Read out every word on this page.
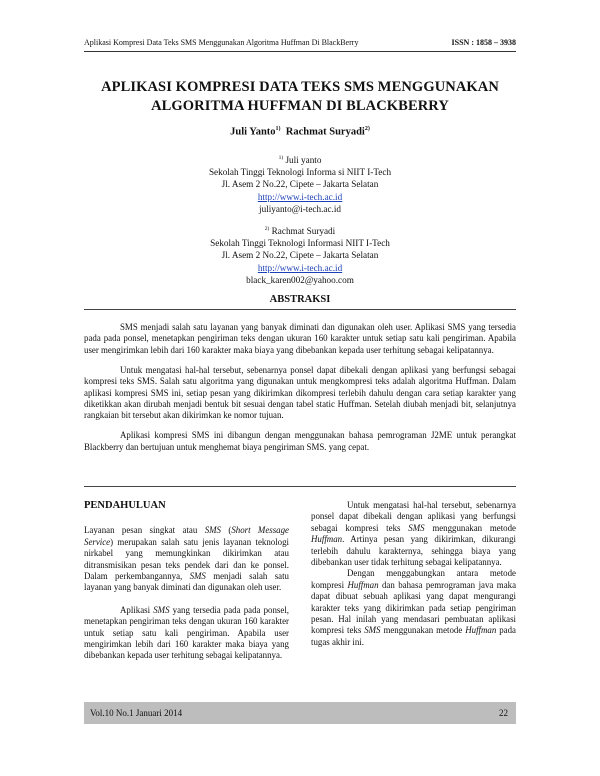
Aplikasi Kompresi Data Teks SMS Menggunakan Algoritma Huffman Di BlackBerry	ISSN : 1858 – 3938
APLIKASI KOMPRESI DATA TEKS SMS MENGGUNAKAN
ALGORITMA HUFFMAN DI BLACKBERRY
Juli Yanto$^{1)}$ Rachmat Suryadi$^{2)}$
$^{1)}$ Juli yanto
Sekolah Tinggi Teknologi Informa si NIIT I-Tech
Jl. Asem 2 No.22, Cipete – Jakarta Selatan
http://www.i-tech.ac.id
juliyanto@i-tech.ac.id
$^{2)}$ Rachmat Suryadi
Sekolah Tinggi Teknologi Informasi NIIT I-Tech
Jl. Asem 2 No.22, Cipete – Jakarta Selatan
http://www.i-tech.ac.id
black_karen002@yahoo.com
ABSTRAKSI

SMS menjadi salah satu layanan yang banyak diminati dan digunakan oleh user. Aplikasi SMS yang tersedia pada pada ponsel, menetapkan pengiriman teks dengan ukuran 160 karakter untuk setiap satu kali pengiriman. Apabila user mengirimkan lebih dari 160 karakter maka biaya yang dibebankan kepada user terhitung sebagai kelipatannya.

Untuk mengatasi hal-hal tersebut, sebenarnya ponsel dapat dibekali dengan aplikasi yang berfungsi sebagai kompresi teks SMS. Salah satu algoritma yang digunakan untuk mengkompresi teks adalah algoritma Huffman. Dalam aplikasi kompresi SMS ini, setiap pesan yang dikirimkan dikompresi terlebih dahulu dengan cara setiap karakter yang diketikkan akan dirubah menjadi bentuk bit sesuai dengan tabel static Huffman. Setelah diubah menjadi bit, selanjutnya rangkaian bit tersebut akan dikirimkan ke nomor tujuan.

Aplikasi kompresi SMS ini dibangun dengan menggunakan bahasa pemrograman J2ME untuk perangkat Blackberry dan bertujuan untuk menghemat biaya pengiriman SMS. yang cepat.

PENDAHULUAN

Layanan pesan singkat atau SMS (Short Message Service) merupakan salah satu jenis layanan teknologi nirkabel yang memungkinkan dikirimkan atau ditransmisikan pesan teks pendek dari dan ke ponsel. Dalam perkembangannya, SMS menjadi salah satu layanan yang banyak diminati dan digunakan oleh user.

Aplikasi SMS yang tersedia pada pada ponsel, menetapkan pengiriman teks dengan ukuran 160 karakter untuk setiap satu kali pengiriman. Apabila user mengirimkan lebih dari 160 karakter maka biaya yang dibebankan kepada user terhitung sebagai kelipatannya.

Untuk mengatasi hal-hal tersebut, sebenarnya ponsel dapat dibekali dengan aplikasi yang berfungsi sebagai kompresi teks SMS menggunakan metode Huffman. Artinya pesan yang dikirimkan, dikurangi terlebih dahulu karakternya, sehingga biaya yang dibebankan user tidak terhitung sebagai kelipatannya.

Dengan menggabungkan antara metode kompresi Huffman dan bahasa pemrograman java maka dapat dibuat sebuah aplikasi yang dapat mengurangi karakter teks yang dikirimkan pada setiap pengiriman pesan. Hal inilah yang mendasari pembuatan aplikasi kompresi teks SMS menggunakan metode Huffman pada tugas akhir ini.

Vol.10 No.1 Januari 2014	22
